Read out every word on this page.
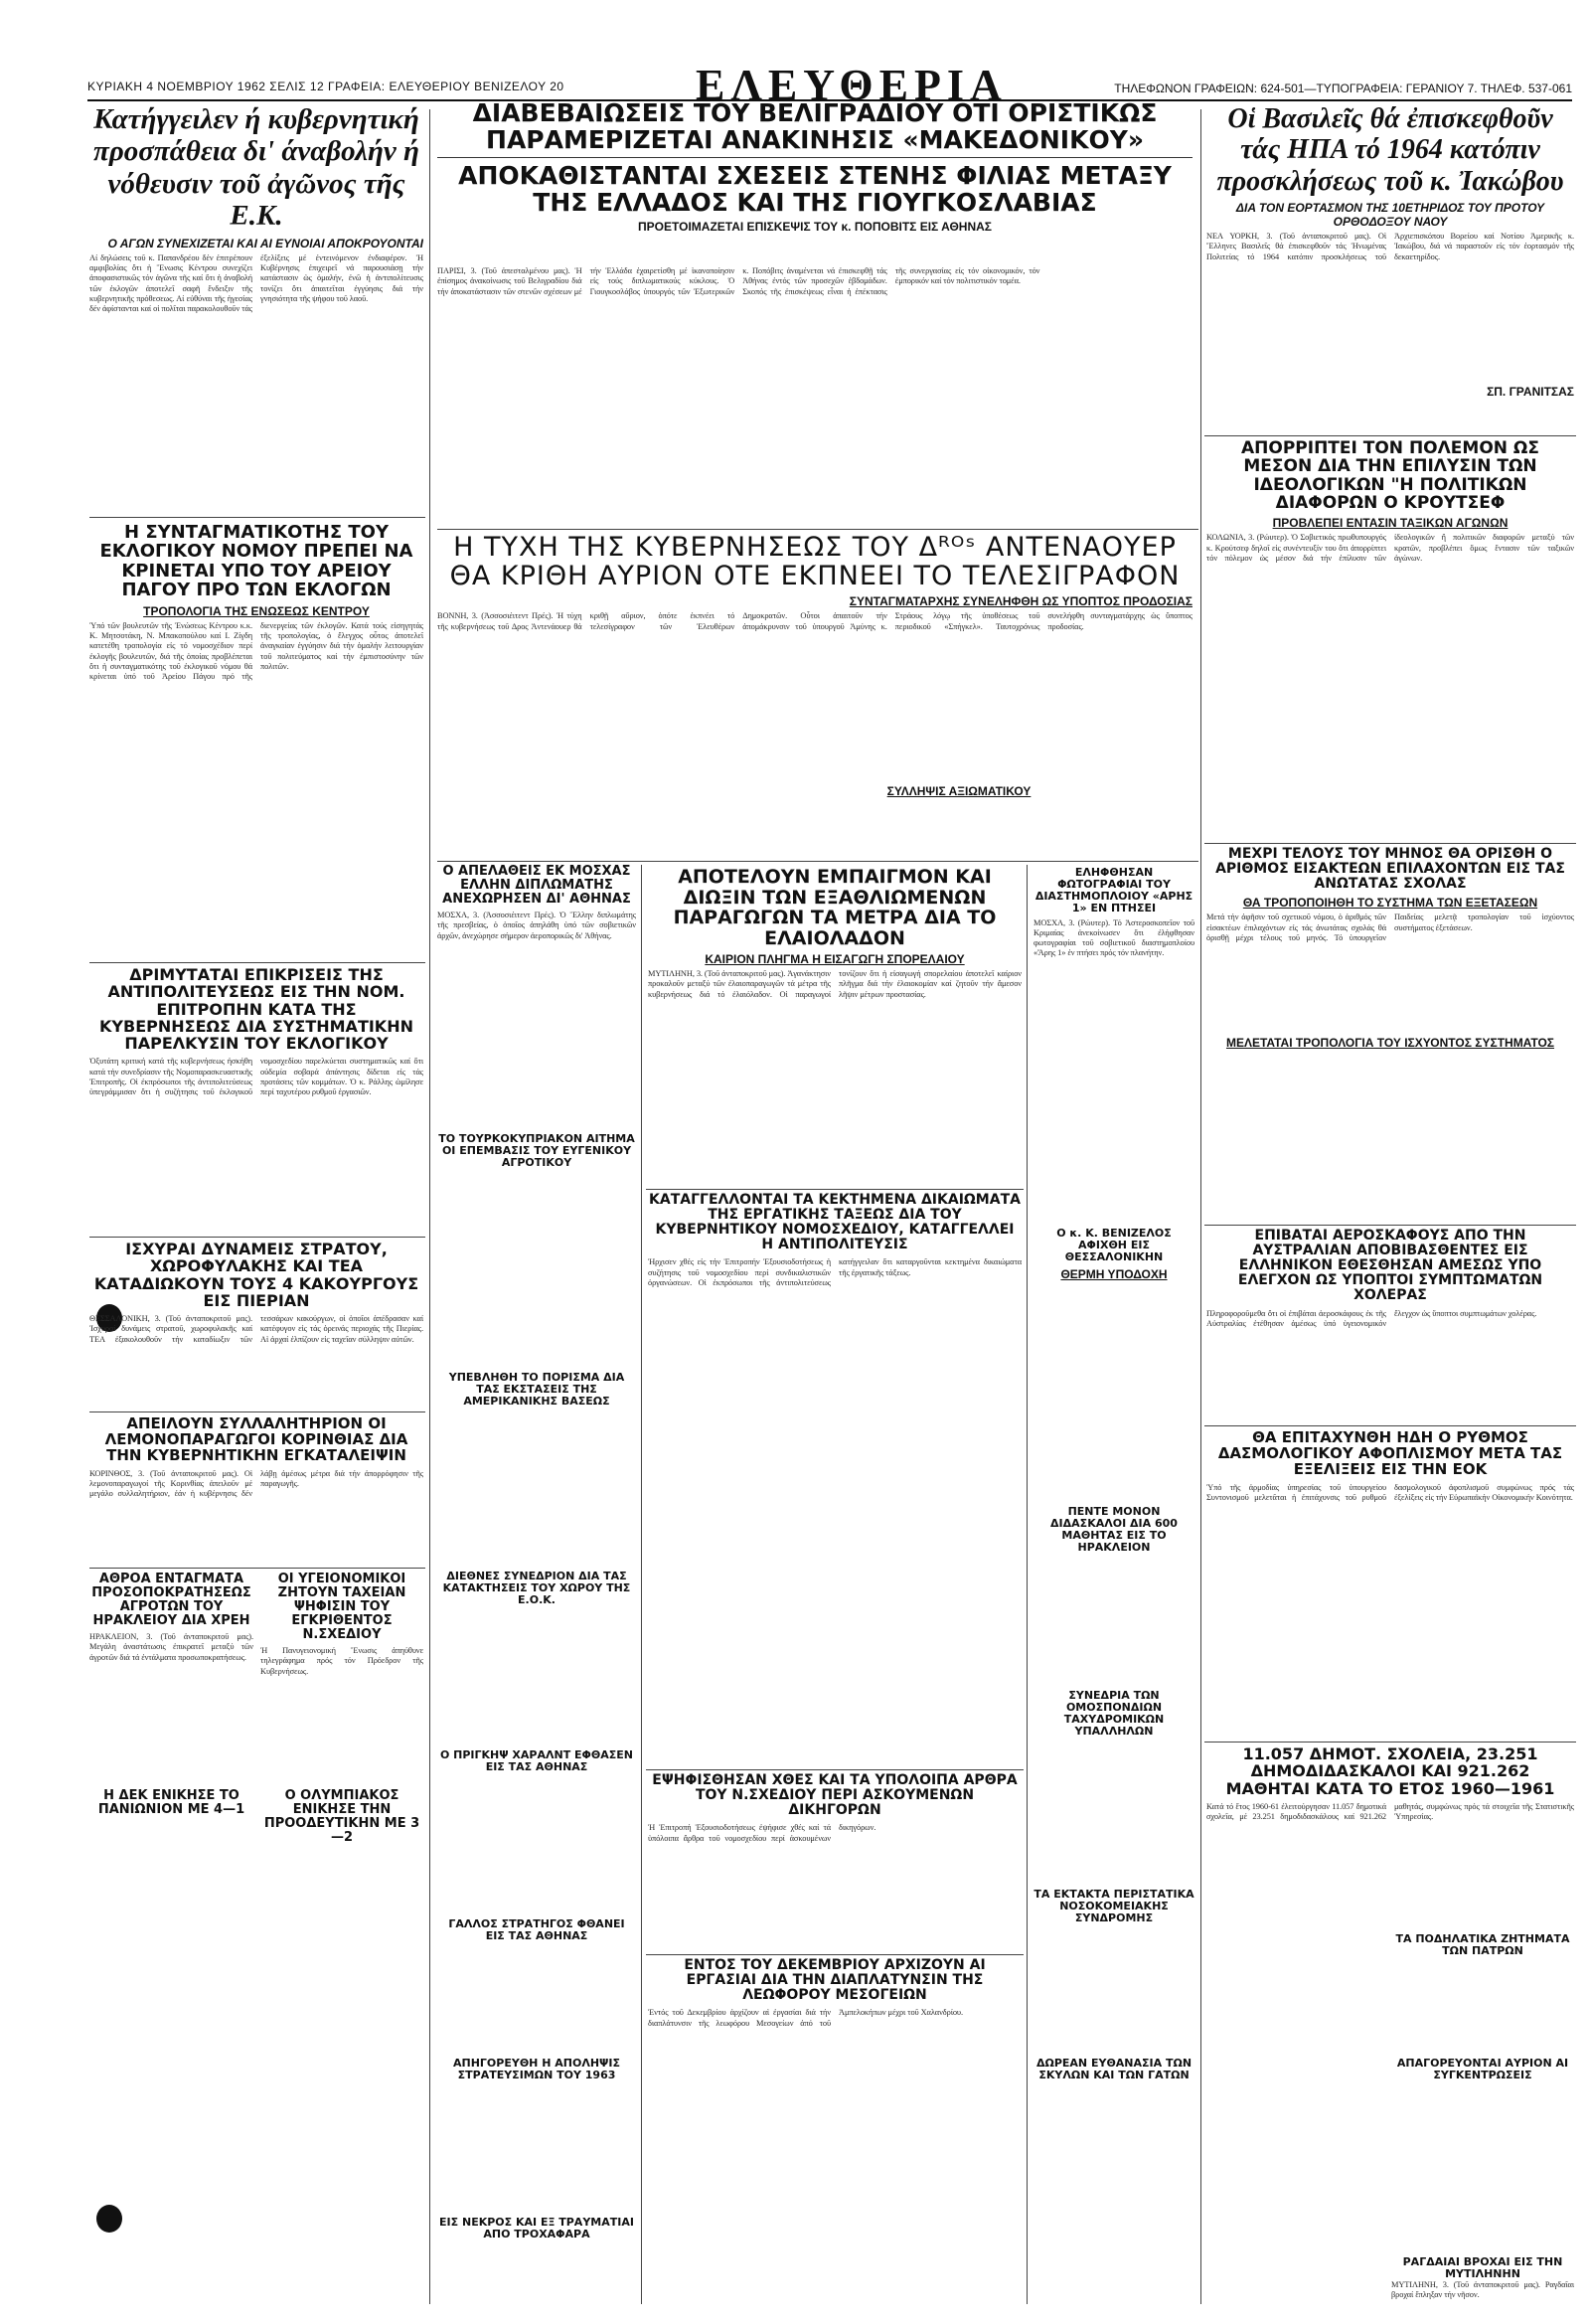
ΚΥΡΙΑΚΗ 4 ΝΟΕΜΒΡΙΟΥ 1962 ΣΕΛΙΣ 12 ΓΡΑΦΕΙΑ: ΕΛΕΥΘΕΡΙΟΥ ΒΕΝΙΖΕΛΟΥ 20	ΕΛΕΥΘΕΡΙΑ	ΤΗΛΕΦΩΝΟΝ ΓΡΑΦΕΙΩΝ: 624-501—ΤΥΠΟΓΡΑΦΕΙΑ: ΓΕΡΑΝΙΟΥ 7. ΤΗΛΕΦ. 537-061
Κατήγγειλεν ή κυβερνητική προσπάθεια δι' άναβολήν ή νόθευσιν τοῦ ἀγῶνος τῆς Ε.Κ.
Ο ΑΓΩΝ ΣΥΝΕΧΙΖΕΤΑΙ ΚΑΙ ΑΙ ΕΥΝΟΙΑΙ ΑΠΟΚΡΟΥΟΝΤΑΙ
Αί δηλώσεις τοῦ κ. Παπανδρέου δέν ἐπιτρέπουν αμφιβολίας ὄτι ἡ Ἕνωσις Κέντρου συνεχίζει ἀποφασιστικῶς τόν ἀγῶνα τῆς καί ὄτι ἡ ἀναβολή τῶν ἐκλογῶν ἀποτελεῖ σαφῆ ἔνδειξιν τῆς κυβερνητικῆς πρόθεσεως. Αί εὐθύναι τῆς ἡγεσίας δέν ἀφίστανται καί οἱ πολῖται παρακολουθοῦν τάς ἐξελίξεις μέ ἐντεινόμενον ἐνδιαφέρον. Ἡ Κυβέρνησις ἐπιχειρεῖ νά παρουσιάσῃ τήν κατάστασιν ὡς ὁμαλήν, ἐνῶ ἡ ἀντιπολίτευσις τονίζει ὄτι ἀπαιτεῖται ἐγγύησις διά τήν γνησιότητα τῆς ψήφου τοῦ λαοῦ.
Η ΣΥΝΤΑΓΜΑΤΙΚΟΤΗΣ ΤΟΥ ΕΚΛΟΓΙΚΟΥ ΝΟΜΟΥ ΠΡΕΠΕΙ ΝΑ ΚΡΙΝΕΤΑΙ ΥΠΟ ΤΟΥ ΑΡΕΙΟΥ ΠΑΓΟΥ ΠΡΟ ΤΩΝ ΕΚΛΟΓΩΝ
ΤΡΟΠΟΛΟΓΙΑ ΤΗΣ ΕΝΩΣΕΩΣ ΚΕΝΤΡΟΥ
Ὑπό τῶν βουλευτῶν τῆς Ἑνώσεως Κέντρου κ.κ. Κ. Μητσοτάκη, Ν. Μπακοπούλου καί Ι. Ζίγδη κατετέθη τροπολογία εἰς τό νομοσχέδιον περί ἐκλογῆς βουλευτῶν, διά τῆς ὁποίας προβλέπεται ὄτι ἡ συνταγματικότης τοῦ ἐκλογικοῦ νόμου θά κρίνεται ὑπό τοῦ Ἀρείου Πάγου πρό τῆς διενεργείας τῶν ἐκλογῶν. Κατά τούς εἰσηγητάς τῆς τροπολογίας, ὁ ἔλεγχος οὗτος ἀποτελεῖ ἀναγκαίαν ἐγγύησιν διά τήν ὁμαλήν λειτουργίαν τοῦ πολιτεύματος καί τήν ἐμπιστοσύνην τῶν πολιτῶν.
ΔΡΙΜΥΤΑΤΑΙ ΕΠΙΚΡΙΣΕΙΣ ΤΗΣ ΑΝΤΙΠΟΛΙΤΕΥΣΕΩΣ ΕΙΣ ΤΗΝ ΝΟΜ. ΕΠΙΤΡΟΠΗΝ ΚΑΤΑ ΤΗΣ ΚΥΒΕΡΝΗΣΕΩΣ ΔΙΑ ΣΥΣΤΗΜΑΤΙΚΗΝ ΠΑΡΕΛΚΥΣΙΝ ΤΟΥ ΕΚΛΟΓΙΚΟΥ
Ὀξυτάτη κριτική κατά τῆς κυβερνήσεως ἠσκήθη κατά τήν συνεδρίασιν τῆς Νομοπαρασκευαστικῆς Ἐπιτροπῆς. Οἱ ἐκπρόσωποι τῆς ἀντιπολιτεύσεως ὑπεγράμμισαν ὄτι ἡ συζήτησις τοῦ ἐκλογικοῦ νομοσχεδίου παρελκύεται συστηματικῶς καί ὄτι οὐδεμία σοβαρά ἀπάντησις δίδεται εἰς τάς προτάσεις τῶν κομμάτων. Ὁ κ. Ράλλης ὡμίλησε περί ταχυτέρου ρυθμοῦ ἐργασιῶν.
ΙΣΧΥΡΑΙ ΔΥΝΑΜΕΙΣ ΣΤΡΑΤΟΥ, ΧΩΡΟΦΥΛΑΚΗΣ ΚΑΙ ΤΕΑ ΚΑΤΑΔΙΩΚΟΥΝ ΤΟΥΣ 4 ΚΑΚΟΥΡΓΟΥΣ ΕΙΣ ΠΙΕΡΙΑΝ
ΘΕΣΣΑΛΟΝΙΚΗ, 3. (Τοῦ ἀνταποκριτοῦ μας). Ἰσχυραί δυνάμεις στρατοῦ, χωροφυλακῆς καί ΤΕΑ ἐξακολουθοῦν τήν καταδίωξιν τῶν τεσσάρων κακούργων, οἱ ὁποῖοι ἀπέδρασαν καί κατέφυγον εἰς τάς ὀρεινάς περιοχάς τῆς Πιερίας. Αἱ ἀρχαί ἐλπίζουν εἰς ταχεῖαν σύλληψιν αὐτῶν.
ΑΠΕΙΛΟΥΝ ΣΥΛΛΑΛΗΤΗΡΙΟΝ ΟΙ ΛΕΜΟΝΟΠΑΡΑΓΩΓΟΙ ΚΟΡΙΝΘΙΑΣ ΔΙΑ ΤΗΝ ΚΥΒΕΡΝΗΤΙΚΗΝ ΕΓΚΑΤΑΛΕΙΨΙΝ
ΚΟΡΙΝΘΟΣ, 3. (Τοῦ ἀνταποκριτοῦ μας). Οἱ λεμονοπαραγωγοί τῆς Κορινθίας ἀπειλοῦν μέ μεγάλο συλλαλητήριον, ἐάν ἡ κυβέρνησις δέν λάβῃ ἀμέσως μέτρα διά τήν ἀπορρόφησιν τῆς παραγωγῆς.
ΑΘΡΟΑ ΕΝΤΑΓΜΑΤΑ ΠΡΟΣΟΠΟΚΡΑΤΗΣΕΩΣ ΑΓΡΟΤΩΝ ΤΟΥ ΗΡΑΚΛΕΙΟΥ ΔΙΑ ΧΡΕΗ
ΗΡΑΚΛΕΙΟΝ, 3. (Τοῦ ἀνταποκριτοῦ μας). Μεγάλη ἀναστάτωσις ἐπικρατεῖ μεταξύ τῶν ἀγροτῶν διά τά ἐντάλματα προσωποκρατήσεως.
ΟΙ ΥΓΕΙΟΝΟΜΙΚΟΙ ΖΗΤΟΥΝ ΤΑΧΕΙΑΝ ΨΗΦΙΣΙΝ ΤΟΥ ΕΓΚΡΙΘΕΝΤΟΣ Ν.ΣΧΕΔΙΟΥ
Ἡ Πανυγειονομική Ἕνωσις ἀπηύθυνε τηλεγράφημα πρός τόν Πρόεδρον τῆς Κυβερνήσεως.
Η ΔΕΚ ΕΝΙΚΗΣΕ ΤΟ ΠΑΝΙΩΝΙΟΝ ΜΕ 4—1
Ο ΟΛΥΜΠΙΑΚΟΣ ΕΝΙΚΗΣΕ ΤΗΝ ΠΡΟΟΔΕΥΤΙΚΗΝ ΜΕ 3—2
ΔΙΑΒΕΒΑΙΩΣΕΙΣ ΤΟΥ ΒΕΛΙΓΡΑΔΙΟΥ ΟΤΙ ΟΡΙΣΤΙΚΩΣ ΠΑΡΑΜΕΡΙΖΕΤΑΙ ΑΝΑΚΙΝΗΣΙΣ «ΜΑΚΕΔΟΝΙΚΟΥ»
ΑΠΟΚΑΘΙΣΤΑΝΤΑΙ ΣΧΕΣΕΙΣ ΣΤΕΝΗΣ ΦΙΛΙΑΣ ΜΕΤΑΞΥ ΤΗΣ ΕΛΛΑΔΟΣ ΚΑΙ ΤΗΣ ΓΙΟΥΓΚΟΣΛΑΒΙΑΣ
ΠΡΟΕΤΟΙΜΑΖΕΤΑΙ ΕΠΙΣΚΕΨΙΣ ΤΟΥ κ. ΠΟΠΟΒΙΤΣ ΕΙΣ ΑΘΗΝΑΣ
ΠΑΡΙΣΙ, 3. (Τοῦ ἀπεσταλμένου μας). Ἡ ἐπίσημος ἀνακοίνωσις τοῦ Βελιγραδίου διά τήν ἀποκατάστασιν τῶν στενῶν σχέσεων μέ τήν Ἑλλάδα ἐχαιρετίσθη μέ ἱκανοποίησιν εἰς τούς διπλωματικούς κύκλους. Ὁ Γιουγκοσλάβος ὑπουργός τῶν Ἐξωτερικῶν κ. Ποπόβιτς ἀναμένεται νά ἐπισκεφθῇ τάς Ἀθήνας ἐντός τῶν προσεχῶν ἑβδομάδων. Σκοπός τῆς ἐπισκέψεως εἶναι ἡ ἐπέκτασις τῆς συνεργασίας εἰς τόν οἰκονομικόν, τόν ἐμπορικόν καί τόν πολιτιστικόν τομέα.
Η ΤΥΧΗ ΤΗΣ ΚΥΒΕΡΝΗΣΕΩΣ ΤΟΥ Δᴿᴼˢ ΑΝΤΕΝΑΟΥΕΡ ΘΑ ΚΡΙΘΗ ΑΥΡΙΟΝ ΟΤΕ ΕΚΠΝΕΕΙ ΤΟ ΤΕΛΕΣΙΓΡΑΦΟΝ
ΣΥΝΤΑΓΜΑΤΑΡΧΗΣ ΣΥΝΕΛΗΦΘΗ ΩΣ ΥΠΟΠΤΟΣ ΠΡΟΔΟΣΙΑΣ
ΒΟΝΝΗ, 3. (Ἀσσοσιέιτεντ Πρές). Ἡ τύχη τῆς κυβερνήσεως τοῦ Δρος Ἀντενάουερ θά κριθῇ αὔριον, ὁπότε ἐκπνέει τό τελεσίγραφον τῶν Ἐλευθέρων Δημοκρατῶν. Οὗτοι ἀπαιτοῦν τήν ἀπομάκρυνσιν τοῦ ὑπουργοῦ Ἀμύνης κ. Στράους λόγῳ τῆς ὑποθέσεως τοῦ περιοδικοῦ «Σπήγκελ». Ταυτοχρόνως συνελήφθη συνταγματάρχης ὡς ὕποπτος προδοσίας.
ΣΥΛΛΗΨΙΣ ΑΞΙΩΜΑΤΙΚΟΥ
Ο ΑΠΕΛΑΘΕΙΣ ΕΚ ΜΟΣΧΑΣ ΕΛΛΗΝ ΔΙΠΛΩΜΑΤΗΣ ΑΝΕΧΩΡΗΣΕΝ ΔΙ' ΑΘΗΝΑΣ
ΜΟΣΧΑ, 3. (Ἀσσοσιέιτεντ Πρές). Ὁ Ἕλλην διπλωμάτης τῆς πρεσβείας, ὁ ὁποῖος ἀπηλάθη ὑπό τῶν σοβιετικῶν ἀρχῶν, ἀνεχώρησε σήμερον ἀεροπορικῶς δι' Ἀθήνας.
ΤΟ ΤΟΥΡΚΟΚΥΠΡΙΑΚΟΝ ΑΙΤΗΜΑ ΟΙ ΕΠΕΜΒΑΣΙΣ ΤΟΥ ΕΥΓΕΝΙΚΟΥ ΑΓΡΟΤΙΚΟΥ
ΥΠΕΒΛΗΘΗ ΤΟ ΠΟΡΙΣΜΑ ΔΙΑ ΤΑΣ ΕΚΣΤΑΣΕΙΣ ΤΗΣ ΑΜΕΡΙΚΑΝΙΚΗΣ ΒΑΣΕΩΣ
ΔΙΕΘΝΕΣ ΣΥΝΕΔΡΙΟΝ ΔΙΑ ΤΑΣ ΚΑΤΑΚΤΗΣΕΙΣ ΤΟΥ ΧΩΡΟΥ ΤΗΣ Ε.Ο.Κ.
Ο ΠΡΙΓΚΗΨ ΧΑΡΑΛΝΤ ΕΦΘΑΣΕΝ ΕΙΣ ΤΑΣ ΑΘΗΝΑΣ
ΓΑΛΛΟΣ ΣΤΡΑΤΗΓΟΣ ΦΘΑΝΕΙ ΕΙΣ ΤΑΣ ΑΘΗΝΑΣ
ΑΠΗΓΟΡΕΥΘΗ Η ΑΠΟΛΗΨΙΣ ΣΤΡΑΤΕΥΣΙΜΩΝ ΤΟΥ 1963
ΕΙΣ ΝΕΚΡΟΣ ΚΑΙ ΕΞ ΤΡΑΥΜΑΤΙΑΙ ΑΠΟ ΤΡΟΧΑΦΑΡΑ
ΑΠΟΤΕΛΟΥΝ ΕΜΠΑΙΓΜΟΝ ΚΑΙ ΔΙΩΞΙΝ ΤΩΝ ΕΞΑΘΛΙΩΜΕΝΩΝ ΠΑΡΑΓΩΓΩΝ ΤΑ ΜΕΤΡΑ ΔΙΑ ΤΟ ΕΛΑΙΟΛΑΔΟΝ
ΚΑΙΡΙΟΝ ΠΛΗΓΜΑ Η ΕΙΣΑΓΩΓΗ ΣΠΟΡΕΛΑΙΟΥ
ΜΥΤΙΛΗΝΗ, 3. (Τοῦ ἀνταποκριτοῦ μας). Ἀγανάκτησιν προκαλοῦν μεταξύ τῶν ἐλαιοπαραγωγῶν τά μέτρα τῆς κυβερνήσεως διά τό ἐλαιόλαδον. Οἱ παραγωγοί τονίζουν ὄτι ἡ εἰσαγωγή σπορελαίου ἀποτελεῖ καίριον πλῆγμα διά τήν ἐλαιοκομίαν καί ζητοῦν τήν ἄμεσον λῆψιν μέτρων προστασίας.
ΚΑΤΑΓΓΕΛΛΟΝΤΑΙ ΤΑ ΚΕΚΤΗΜΕΝΑ ΔΙΚΑΙΩΜΑΤΑ ΤΗΣ ΕΡΓΑΤΙΚΗΣ ΤΑΞΕΩΣ ΔΙΑ ΤΟΥ ΚΥΒΕΡΝΗΤΙΚΟΥ ΝΟΜΟΣΧΕΔΙΟΥ, ΚΑΤΑΓΓΕΛΛΕΙ Η ΑΝΤΙΠΟΛΙΤΕΥΣΙΣ
Ἠρχισεν χθές εἰς τήν Ἐπιτροπήν Ἐξουσιοδοτήσεως ἡ συζήτησις τοῦ νομοσχεδίου περί συνδικαλιστικῶν ὀργανώσεων. Οἱ ἐκπρόσωποι τῆς ἀντιπολιτεύσεως κατήγγειλαν ὄτι καταργοῦνται κεκτημένα δικαιώματα τῆς ἐργατικῆς τάξεως.
ΕΨΗΦΙΣΘΗΣΑΝ ΧΘΕΣ ΚΑΙ ΤΑ ΥΠΟΛΟΙΠΑ ΑΡΘΡΑ ΤΟΥ Ν.ΣΧΕΔΙΟΥ ΠΕΡΙ ΑΣΚΟΥΜΕΝΩΝ ΔΙΚΗΓΟΡΩΝ
Ἡ Ἐπιτροπή Ἐξουσιοδοτήσεως ἐψήφισε χθές καί τά ὑπόλοιπα ἄρθρα τοῦ νομοσχεδίου περί ἀσκουμένων δικηγόρων.
ΕΝΤΟΣ ΤΟΥ ΔΕΚΕΜΒΡΙΟΥ ΑΡΧΙΖΟΥΝ ΑΙ ΕΡΓΑΣΙΑΙ ΔΙΑ ΤΗΝ ΔΙΑΠΛΑΤΥΝΣΙΝ ΤΗΣ ΛΕΩΦΟΡΟΥ ΜΕΣΟΓΕΙΩΝ
Ἐντός τοῦ Δεκεμβρίου ἀρχίζουν αἱ ἐργασίαι διά τήν διαπλάτυνσιν τῆς λεωφόρου Μεσογείων ἀπό τοῦ Ἀμπελοκήπων μέχρι τοῦ Χαλανδρίου.
ΕΛΗΦΘΗΣΑΝ ΦΩΤΟΓΡΑΦΙΑΙ ΤΟΥ ΔΙΑΣΤΗΜΟΠΛΟΙΟΥ «ΑΡΗΣ 1» ΕΝ ΠΤΗΣΕΙ
ΜΟΣΧΑ, 3. (Ρώυτερ). Τό Ἀστεροσκοπεῖον τοῦ Κριμαίας ἀνεκοίνωσεν ὄτι ἐλήφθησαν φωτογραφίαι τοῦ σοβιετικοῦ διαστημοπλοίου «Ἄρης 1» ἐν πτήσει πρός τόν πλανήτην.
Ο κ. Κ. ΒΕΝΙΖΕΛΟΣ ΑΦΙΧΘΗ ΕΙΣ ΘΕΣΣΑΛΟΝΙΚΗΝ
ΘΕΡΜΗ ΥΠΟΔΟΧΗ
ΠΕΝΤΕ ΜΟΝΟΝ ΔΙΔΑΣΚΑΛΟΙ ΔΙΑ 600 ΜΑΘΗΤΑΣ ΕΙΣ ΤΟ ΗΡΑΚΛΕΙΟΝ
ΣΥΝΕΔΡΙΑ ΤΩΝ ΟΜΟΣΠΟΝΔΙΩΝ ΤΑΧΥΔΡΟΜΙΚΩΝ ΥΠΑΛΛΗΛΩΝ
ΤΑ ΕΚΤΑΚΤΑ ΠΕΡΙΣΤΑΤΙΚΑ ΝΟΣΟΚΟΜΕΙΑΚΗΣ ΣΥΝΔΡΟΜΗΣ
ΔΩΡΕΑΝ ΕΥΘΑΝΑΣΙΑ ΤΩΝ ΣΚΥΛΩΝ ΚΑΙ ΤΩΝ ΓΑΤΩΝ
Οἱ Βασιλεῖς θά ἐπισκεφθοῦν τάς ΗΠΑ τό 1964 κατόπιν προσκλήσεως τοῦ κ. Ἰακώβου
ΔΙΑ ΤΟΝ ΕΟΡΤΑΣΜΟΝ ΤΗΣ 10ΕΤΗΡΙΔΟΣ ΤΟΥ ΠΡΟΤΟΥ ΟΡΘΟΔΟΞΟΥ ΝΑΟΥ
ΝΕΑ ΥΟΡΚΗ, 3. (Τοῦ ἀνταποκριτοῦ μας). Οἱ Ἕλληνες Βασιλεῖς θά ἐπισκεφθοῦν τάς Ἡνωμένας Πολιτείας τό 1964 κατόπιν προσκλήσεως τοῦ Ἀρχιεπισκόπου Βορείου καί Νοτίου Ἀμερικῆς κ. Ἰακώβου, διά νά παραστοῦν εἰς τόν ἑορτασμόν τῆς δεκαετηρίδος.
ΣΠ. ΓΡΑΝΙΤΣΑΣ
ΑΠΟΡΡΙΠΤΕΙ ΤΟΝ ΠΟΛΕΜΟΝ ΩΣ ΜΕΣΟΝ ΔΙΑ ΤΗΝ ΕΠΙΛΥΣΙΝ ΤΩΝ ΙΔΕΟΛΟΓΙΚΩΝ "Η ΠΟΛΙΤΙΚΩΝ ΔΙΑΦΟΡΩΝ Ο ΚΡΟΥΤΣΕΦ
ΠΡΟΒΛΕΠΕΙ ΕΝΤΑΣΙΝ ΤΑΞΙΚΩΝ ΑΓΩΝΩΝ
ΚΟΛΩΝΙΑ, 3. (Ρώυτερ). Ὁ Σοβιετικός πρωθυπουργός κ. Κρούτσεφ δηλοῖ εἰς συνέντευξίν του ὄτι ἀπορρίπτει τόν πόλεμον ὡς μέσον διά τήν ἐπίλυσιν τῶν ἰδεολογικῶν ἤ πολιτικῶν διαφορῶν μεταξύ τῶν κρατῶν, προβλέπει ὅμως ἔντασιν τῶν ταξικῶν ἀγώνων.
ΜΕΧΡΙ ΤΕΛΟΥΣ ΤΟΥ ΜΗΝΟΣ ΘΑ ΟΡΙΣΘΗ Ο ΑΡΙΘΜΟΣ ΕΙΣΑΚΤΕΩΝ ΕΠΙΛΑΧΟΝΤΩΝ ΕΙΣ ΤΑΣ ΑΝΩΤΑΤΑΣ ΣΧΟΛΑΣ
ΘΑ ΤΡΟΠΟΠΟΙΗΘΗ ΤΟ ΣΥΣΤΗΜΑ ΤΩΝ ΕΞΕΤΑΣΕΩΝ
Μετά τήν ἀφῆσιν τοῦ σχετικοῦ νόμου, ὁ ἀριθμός τῶν εἰσακτέων ἐπιλαχόντων εἰς τάς ἀνωτάτας σχολάς θά ὁρισθῇ μέχρι τέλους τοῦ μηνός. Τό ὑπουργεῖον Παιδείας μελετᾷ τροπολογίαν τοῦ ἰσχύοντος συστήματος ἐξετάσεων.
ΜΕΛΕΤΑΤΑΙ ΤΡΟΠΟΛΟΓΙΑ ΤΟΥ ΙΣΧΥΟΝΤΟΣ ΣΥΣΤΗΜΑΤΟΣ
ΕΠΙΒΑΤΑΙ ΑΕΡΟΣΚΑΦΟΥΣ ΑΠΟ ΤΗΝ ΑΥΣΤΡΑΛΙΑΝ ΑΠΟΒΙΒΑΣΘΕΝΤΕΣ ΕΙΣ ΕΛΛΗΝΙΚΟΝ ΕΘΕΣΘΗΣΑΝ ΑΜΕΣΩΣ ΥΠΟ ΕΛΕΓΧΟΝ ΩΣ ΥΠΟΠΤΟΙ ΣΥΜΠΤΩΜΑΤΩΝ ΧΟΛΕΡΑΣ
Πληροφοροῦμεθα ὄτι οἱ ἐπιβάται ἀεροσκάφους ἐκ τῆς Αὐστραλίας ἐτέθησαν ἀμέσως ὑπό ὑγειονομικόν ἔλεγχον ὡς ὕποπτοι συμπτωμάτων χολέρας.
ΘΑ ΕΠΙΤΑΧΥΝΘΗ ΗΔΗ Ο ΡΥΘΜΟΣ ΔΑΣΜΟΛΟΓΙΚΟΥ ΑΦΟΠΛΙΣΜΟΥ ΜΕΤΑ ΤΑΣ ΕΞΕΛΙΞΕΙΣ ΕΙΣ ΤΗΝ ΕΟΚ
Ὑπό τῆς ἀρμοδίας ὑπηρεσίας τοῦ ὑπουργείου Συντονισμοῦ μελετᾶται ἡ ἐπιτάχυνσις τοῦ ρυθμοῦ δασμολογικοῦ ἀφοπλισμοῦ συμφώνως πρός τάς ἐξελίξεις εἰς τήν Εὐρωπαϊκήν Οἰκονομικήν Κοινότητα.
11.057 ΔΗΜΟΤ. ΣΧΟΛΕΙΑ, 23.251 ΔΗΜΟΔΙΔΑΣΚΑΛΟΙ ΚΑΙ 921.262 ΜΑΘΗΤΑΙ ΚΑΤΑ ΤΟ ΕΤΟΣ 1960—1961
Κατά τό ἔτος 1960-61 ἐλειτούργησαν 11.057 δημοτικά σχολεῖα, μέ 23.251 δημοδιδασκάλους καί 921.262 μαθητάς, συμφώνως πρός τά στοιχεῖα τῆς Στατιστικῆς Ὑπηρεσίας.
ΤΑ ΠΟΔΗΛΑΤΙΚΑ ΖΗΤΗΜΑΤΑ ΤΩΝ ΠΑΤΡΩΝ
ΑΠΑΓΟΡΕΥΟΝΤΑΙ ΑΥΡΙΟΝ ΑΙ ΣΥΓΚΕΝΤΡΩΣΕΙΣ
ΡΑΓΔΑΙΑΙ ΒΡΟΧΑΙ ΕΙΣ ΤΗΝ ΜΥΤΙΛΗΝΗΝ
ΜΥΤΙΛΗΝΗ, 3. (Τοῦ ἀνταποκριτοῦ μας). Ραγδαῖαι βροχαί ἔπληξαν τήν νῆσον.
